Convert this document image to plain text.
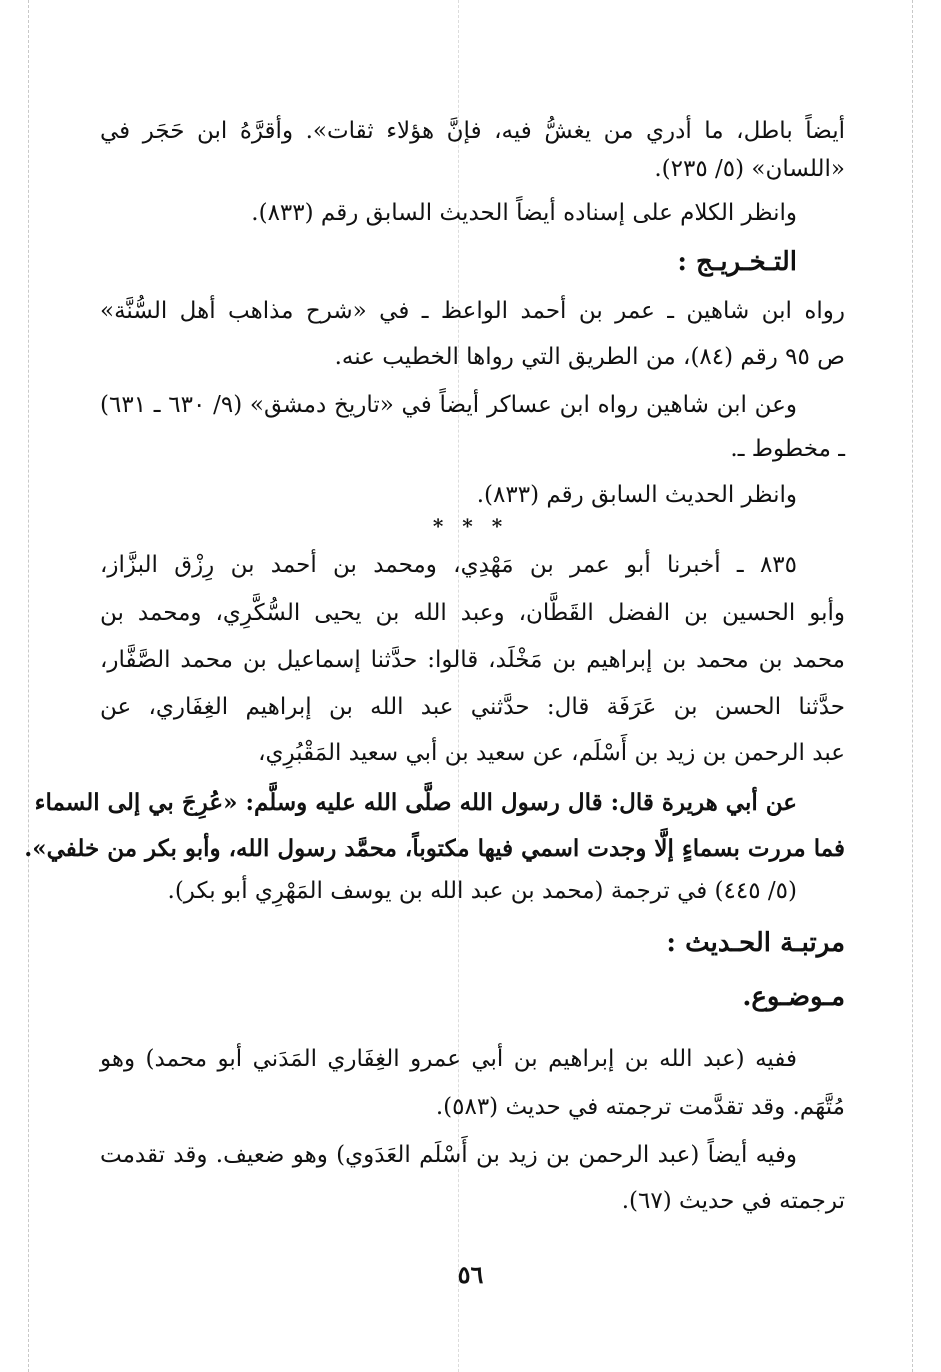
أيضاً باطل، ما أدري من يغشُّ فيه، فإنَّ هؤلاء ثقات». وأقرَّهُ ابن حَجَر في
«اللسان» (٥/ ٢٣٥).
وانظر الكلام على إسناده أيضاً الحديث السابق رقم (٨٣٣).
التـخـريـج :
رواه ابن شاهين ـ عمر بن أحمد الواعظ ـ في «شرح مذاهب أهل السُّنَّة»
ص ٩٥ رقم (٨٤)، من الطريق التي رواها الخطيب عنه.
وعن ابن شاهين رواه ابن عساكر أيضاً في «تاريخ دمشق» (٩/ ٦٣٠ ـ ٦٣١)
ـ مخطوط ـ.
وانظر الحديث السابق رقم (٨٣٣).
* * *
٨٣٥ ـ أخبرنا أبو عمر بن مَهْدِي، ومحمد بن أحمد بن رِزْق البزَّاز،
وأبو الحسين بن الفضل القَطَّان، وعبد الله بن يحيى السُّكَّرِي، ومحمد بن
محمد بن محمد بن إبراهيم بن مَخْلَد، قالوا: حدَّثنا إسماعيل بن محمد الصَّفَّار،
حدَّثنا الحسن بن عَرَفَة قال: حدَّثني عبد الله بن إبراهيم الغِفَاري، عن
عبد الرحمن بن زيد بن أَسْلَم، عن سعيد بن أبي سعيد المَقْبُرِي،
عن أبي هريرة قال: قال رسول الله صلَّى الله عليه وسلَّم: «عُرِجَ بي إلى السماء
فما مررت بسماءٍ إلَّا وجدت اسمي فيها مكتوباً، محمَّد رسول الله، وأبو بكر من خلفي».
(٥/ ٤٤٥) في ترجمة (محمد بن عبد الله بن يوسف المَهْرِي أبو بكر).
مرتبـة الحـديث :
مـوضـوع.
ففيه (عبد الله بن إبراهيم بن أبي عمرو الغِفَاري المَدَني أبو محمد) وهو
مُتَّهَم. وقد تقدَّمت ترجمته في حديث (٥٨٣).
وفيه أيضاً (عبد الرحمن بن زيد بن أَسْلَم العَدَوي) وهو ضعيف. وقد تقدمت
ترجمته في حديث (٦٧).
٥٦
